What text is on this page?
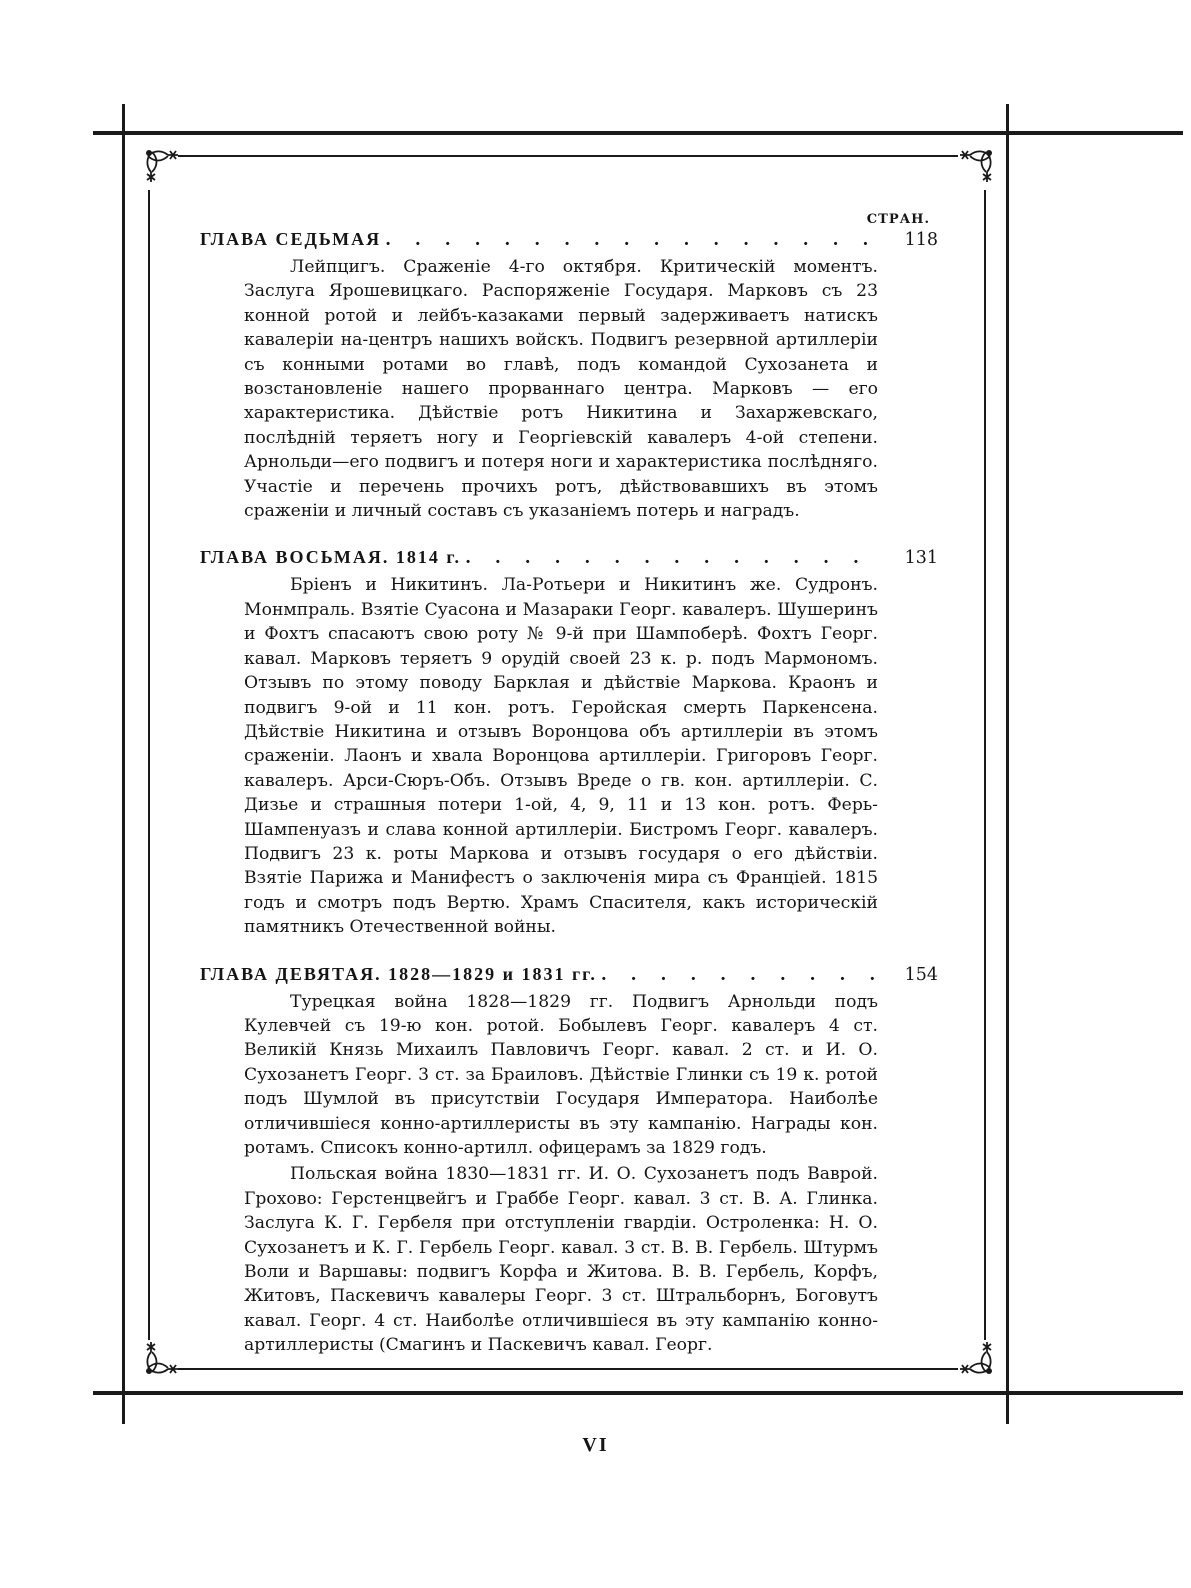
СТРАН.
ГЛАВА СЕДЬМАЯ . . .	118

Лейпцигъ. Сраженіе 4-го октября. Критическій моментъ. Заслуга Ярошевицкаго. Распоряженіе Государя. Марковъ съ 23 конной ротой и лейбъ-казаками первый задерживаетъ натискъ кавалеріи на-центръ нашихъ войскъ. Подвигъ резервной артиллеріи съ конными ротами во главѣ, подъ командой Сухозанета и возстановленіе нашего прорваннаго центра. Марковъ — его характеристика. Дѣйствіе ротъ Никитина и Захаржевскаго, послѣдній теряетъ ногу и Георгіевскій кавалеръ 4-ой степени. Арнольди—его подвигъ и потеря ноги и характеристика послѣдняго. Участіе и перечень прочихъ ротъ, дѣйствовавшихъ въ этомъ сраженіи и личный составъ съ указаніемъ потерь и наградъ.

ГЛАВА ВОСЬМАЯ. 1814 г. . . .	131

Бріенъ и Никитинъ. Ла-Ротьери и Никитинъ же. Судронъ. Монмпраль. Взятіе Суасона и Мазараки Георг. кавалеръ. Шушеринъ и Фохтъ спасаютъ свою роту № 9-й при Шампоберѣ. Фохтъ Георг. кавал. Марковъ теряетъ 9 орудій своей 23 к. р. подъ Мармономъ. Отзывъ по этому поводу Барклая и дѣйствіе Маркова. Краонъ и подвигъ 9-ой и 11 кон. ротъ. Геройская смерть Паркенсена. Дѣйствіе Никитина и отзывъ Воронцова объ артиллеріи въ этомъ сраженіи. Лаонъ и хвала Воронцова артиллеріи. Григоровъ Георг. кавалеръ. Арси-Сюръ-Объ. Отзывъ Вреде о гв. кон. артиллеріи. С. Дизье и страшныя потери 1-ой, 4, 9, 11 и 13 кон. ротъ. Ферь-Шампенуазъ и слава конной артиллеріи. Бистромъ Георг. кавалеръ. Подвигъ 23 к. роты Маркова и отзывъ государя о его дѣйствіи. Взятіе Парижа и Манифестъ о заключенія мира съ Франціей. 1815 годъ и смотръ подъ Вертю. Храмъ Спасителя, какъ историческій памятникъ Отечественной войны.

ГЛАВА ДЕВЯТАЯ. 1828—1829 и 1831 гг. . . .	154

Турецкая война 1828—1829 гг. Подвигъ Арнольди подъ Кулевчей съ 19-ю кон. ротой. Бобылевъ Георг. кавалеръ 4 ст. Великій Князь Михаилъ Павловичъ Георг. кавал. 2 ст. и И. О. Сухозанетъ Георг. 3 ст. за Браиловъ. Дѣйствіе Глинки съ 19 к. ротой подъ Шумлой въ присутствіи Государя Императора. Наиболѣе отличившіеся конно-артиллеристы въ эту кампанію. Награды кон. ротамъ. Списокъ конно-артилл. офицерамъ за 1829 годъ.

Польская война 1830—1831 гг. И. О. Сухозанетъ подъ Ваврой. Грохово: Герстенцвейгъ и Граббе Георг. кавал. 3 ст. В. А. Глинка. Заслуга К. Г. Гербеля при отступленіи гвардіи. Остроленка: Н. О. Сухозанетъ и К. Г. Гербель Георг. кавал. 3 ст. В. В. Гербель. Штурмъ Воли и Варшавы: подвигъ Корфа и Житова. В. В. Гербель, Корфъ, Житовъ, Паскевичъ кавалеры Георг. 3 ст. Штральборнъ, Боговутъ кавал. Георг. 4 ст. Наиболѣе отличившіеся въ эту кампанію конно-артиллеристы (Смагинъ и Паскевичъ кавал. Георг.

VI
